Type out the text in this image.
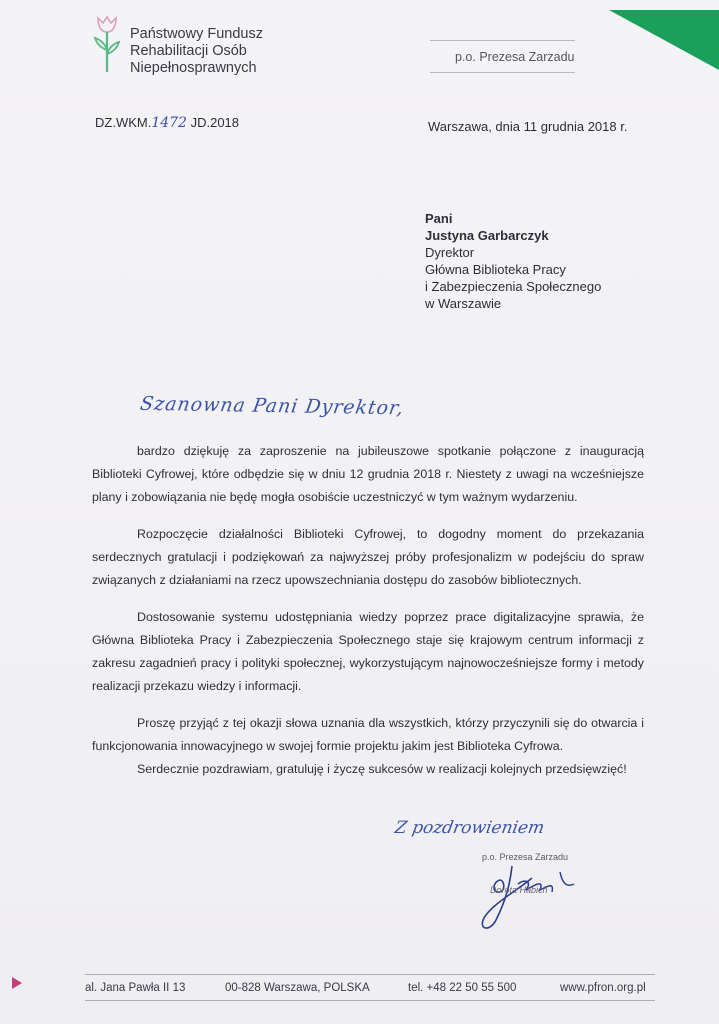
Państwowy Fundusz
Rehabilitacji Osób
Niepełnosprawnych
p.o. Prezesa Zarzadu
DZ.WKM.1472 JD.2018	Warszawa, dnia 11 grudnia 2018 r.
Pani
Justyna Garbarczyk
Dyrektor
Główna Biblioteka Pracy
i Zabezpieczenia Społecznego
w Warszawie
Szanowna Pani Dyrektor,

bardzo dziękuję za zaproszenie na jubileuszowe spotkanie połączone z inauguracją Biblioteki Cyfrowej, które odbędzie się w dniu 12 grudnia 2018 r. Niestety z uwagi na wcześniejsze plany i zobowiązania nie będę mogła osobiście uczestniczyć w tym ważnym wydarzeniu.

Rozpoczęcie działalności Biblioteki Cyfrowej, to dogodny moment do przekazania serdecznych gratulacji i podziękowań za najwyższej próby profesjonalizm w podejściu do spraw związanych z działaniami na rzecz upowszechniania dostępu do zasobów bibliotecznych.

Dostosowanie systemu udostępniania wiedzy poprzez prace digitalizacyjne sprawia, że Główna Biblioteka Pracy i Zabezpieczenia Społecznego staje się krajowym centrum informacji z zakresu zagadnień pracy i polityki społecznej, wykorzystującym najnowocześniejsze formy i metody realizacji przekazu wiedzy i informacji.

Proszę przyjąć z tej okazji słowa uznania dla wszystkich, którzy przyczynili się do otwarcia i funkcjonowania innowacyjnego w swojej formie projektu jakim jest Biblioteka Cyfrowa.

Serdecznie pozdrawiam, gratuluję i życzę sukcesów w realizacji kolejnych przedsięwzięć!

Z pozdrowieniem
p.o. Prezesa Zarzadu
Dorota Habich
al. Jana Pawła II 13	00-828 Warszawa, POLSKA	tel. +48 22 50 55 500	www.pfron.org.pl
